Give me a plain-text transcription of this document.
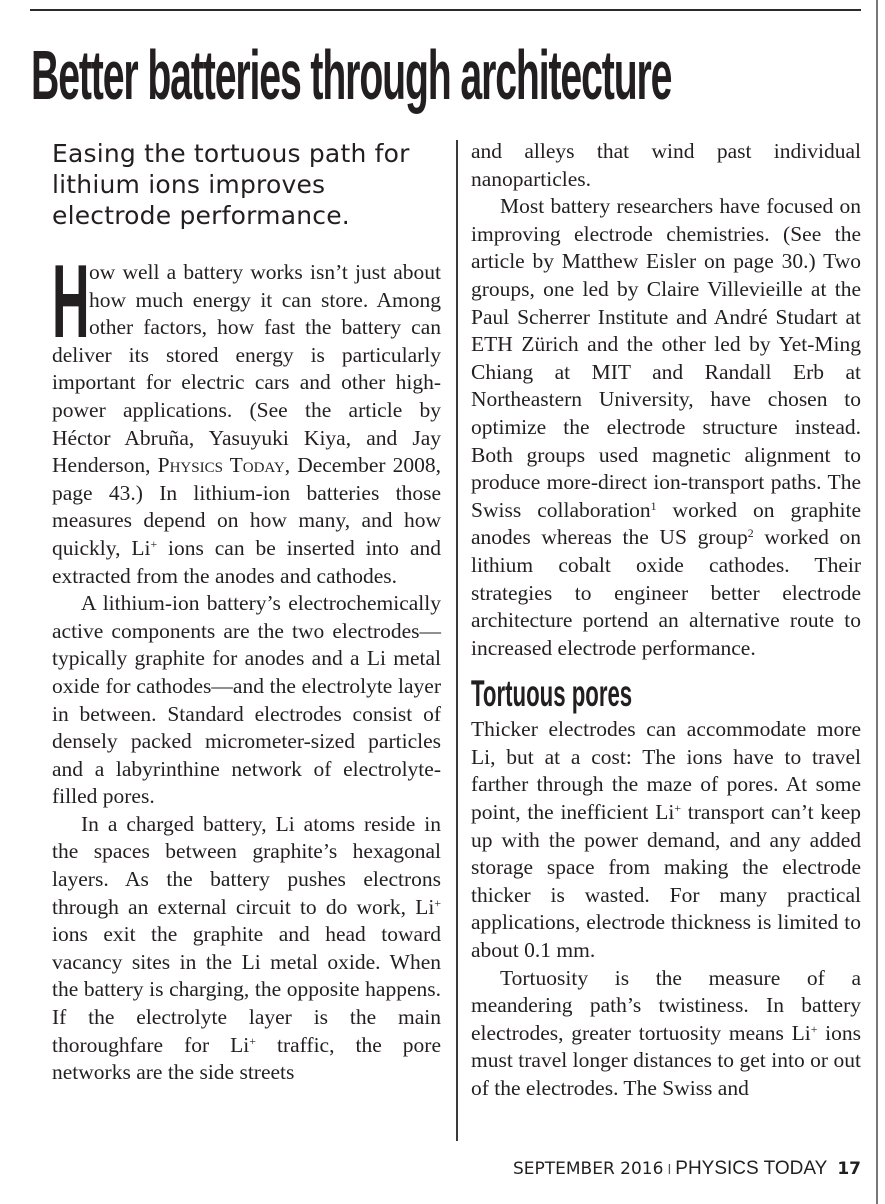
Better batteries through architecture
Easing the tortuous path for lithium ions improves electrode performance.

How well a battery works isn’t just about how much energy it can store. Among other factors, how fast the battery can deliver its stored energy is particularly important for electric cars and other high-power applications. (See the article by Héctor Abruña, Yasuyuki Kiya, and Jay Henderson, Physics Today, December 2008, page 43.) In lithium-ion batteries those measures depend on how many, and how quickly, Li+ ions can be inserted into and extracted from the anodes and cathodes.

A lithium-ion battery’s electrochemically active components are the two electrodes—typically graphite for anodes and a Li metal oxide for cathodes—and the electrolyte layer in between. Standard electrodes consist of densely packed micrometer-sized particles and a labyrinthine network of electrolyte-filled pores.

In a charged battery, Li atoms reside in the spaces between graphite’s hexagonal layers. As the battery pushes electrons through an external circuit to do work, Li+ ions exit the graphite and head toward vacancy sites in the Li metal oxide. When the battery is charging, the opposite happens. If the electrolyte layer is the main thoroughfare for Li+ traffic, the pore networks are the side streets

and alleys that wind past individual nanoparticles.

Most battery researchers have focused on improving electrode chemistries. (See the article by Matthew Eisler on page 30.) Two groups, one led by Claire Villevieille at the Paul Scherrer Institute and André Studart at ETH Zürich and the other led by Yet-Ming Chiang at MIT and Randall Erb at Northeastern University, have chosen to optimize the electrode structure instead. Both groups used magnetic alignment to produce more-direct ion-transport paths. The Swiss collaboration$^1$ worked on graphite anodes whereas the US group$^2$ worked on lithium cobalt oxide cathodes. Their strategies to engineer better electrode architecture portend an alternative route to increased electrode performance.

Tortuous pores

Thicker electrodes can accommodate more Li, but at a cost: The ions have to travel farther through the maze of pores. At some point, the inefficient Li+ transport can’t keep up with the power demand, and any added storage space from making the electrode thicker is wasted. For many practical applications, electrode thickness is limited to about 0.1 mm.

Tortuosity is the measure of a meandering path’s twistiness. In battery electrodes, greater tortuosity means Li+ ions must travel longer distances to get into or out of the electrodes. The Swiss and

SEPTEMBER 2016 I PHYSICS TODAY 17
